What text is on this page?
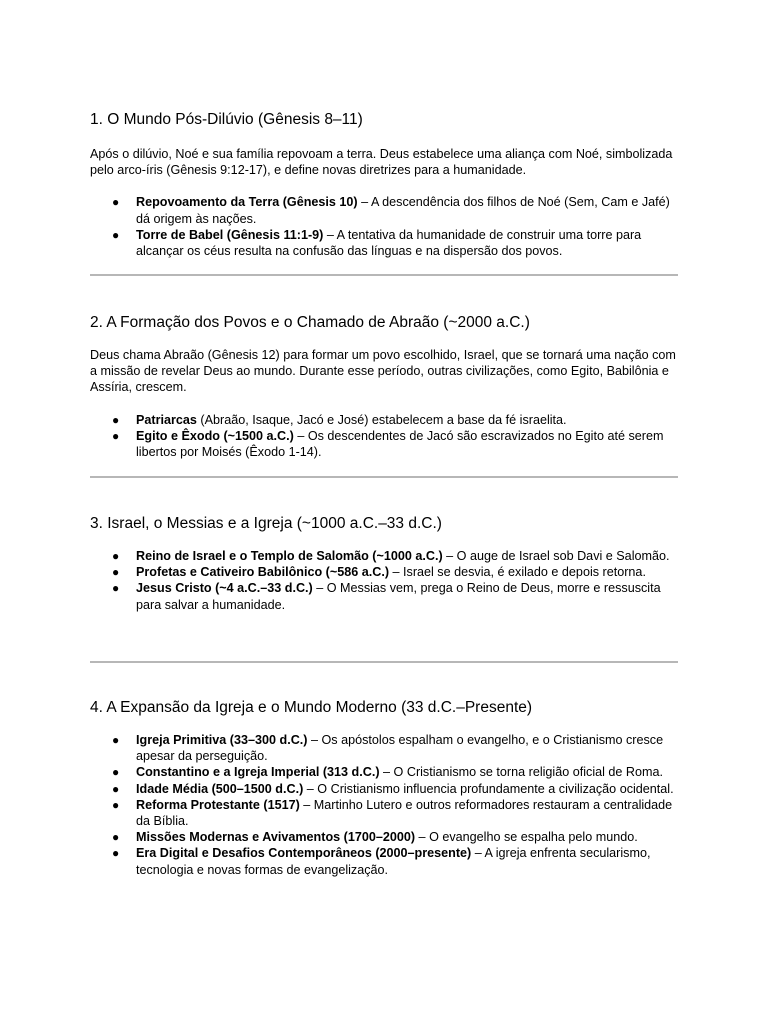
1. O Mundo Pós-Dilúvio (Gênesis 8–11)

Após o dilúvio, Noé e sua família repovoam a terra. Deus estabelece uma aliança com Noé, simbolizada pelo arco-íris (Gênesis 9:12-17), e define novas diretrizes para a humanidade.

● Repovoamento da Terra (Gênesis 10) – A descendência dos filhos de Noé (Sem, Cam e Jafé) dá origem às nações.
● Torre de Babel (Gênesis 11:1-9) – A tentativa da humanidade de construir uma torre para alcançar os céus resulta na confusão das línguas e na dispersão dos povos.
2. A Formação dos Povos e o Chamado de Abraão (~2000 a.C.)

Deus chama Abraão (Gênesis 12) para formar um povo escolhido, Israel, que se tornará uma nação com a missão de revelar Deus ao mundo. Durante esse período, outras civilizações, como Egito, Babilônia e Assíria, crescem.

● Patriarcas (Abraão, Isaque, Jacó e José) estabelecem a base da fé israelita.
● Egito e Êxodo (~1500 a.C.) – Os descendentes de Jacó são escravizados no Egito até serem libertos por Moisés (Êxodo 1-14).
3. Israel, o Messias e a Igreja (~1000 a.C.–33 d.C.)
● Reino de Israel e o Templo de Salomão (~1000 a.C.) – O auge de Israel sob Davi e Salomão.
● Profetas e Cativeiro Babilônico (~586 a.C.) – Israel se desvia, é exilado e depois retorna.
● Jesus Cristo (~4 a.C.–33 d.C.) – O Messias vem, prega o Reino de Deus, morre e ressuscita para salvar a humanidade.
4. A Expansão da Igreja e o Mundo Moderno (33 d.C.–Presente)
● Igreja Primitiva (33–300 d.C.) – Os apóstolos espalham o evangelho, e o Cristianismo cresce apesar da perseguição.
● Constantino e a Igreja Imperial (313 d.C.) – O Cristianismo se torna religião oficial de Roma.
● Idade Média (500–1500 d.C.) – O Cristianismo influencia profundamente a civilização ocidental.
● Reforma Protestante (1517) – Martinho Lutero e outros reformadores restauram a centralidade da Bíblia.
● Missões Modernas e Avivamentos (1700–2000) – O evangelho se espalha pelo mundo.
● Era Digital e Desafios Contemporâneos (2000–presente) – A igreja enfrenta secularismo, tecnologia e novas formas de evangelização.
